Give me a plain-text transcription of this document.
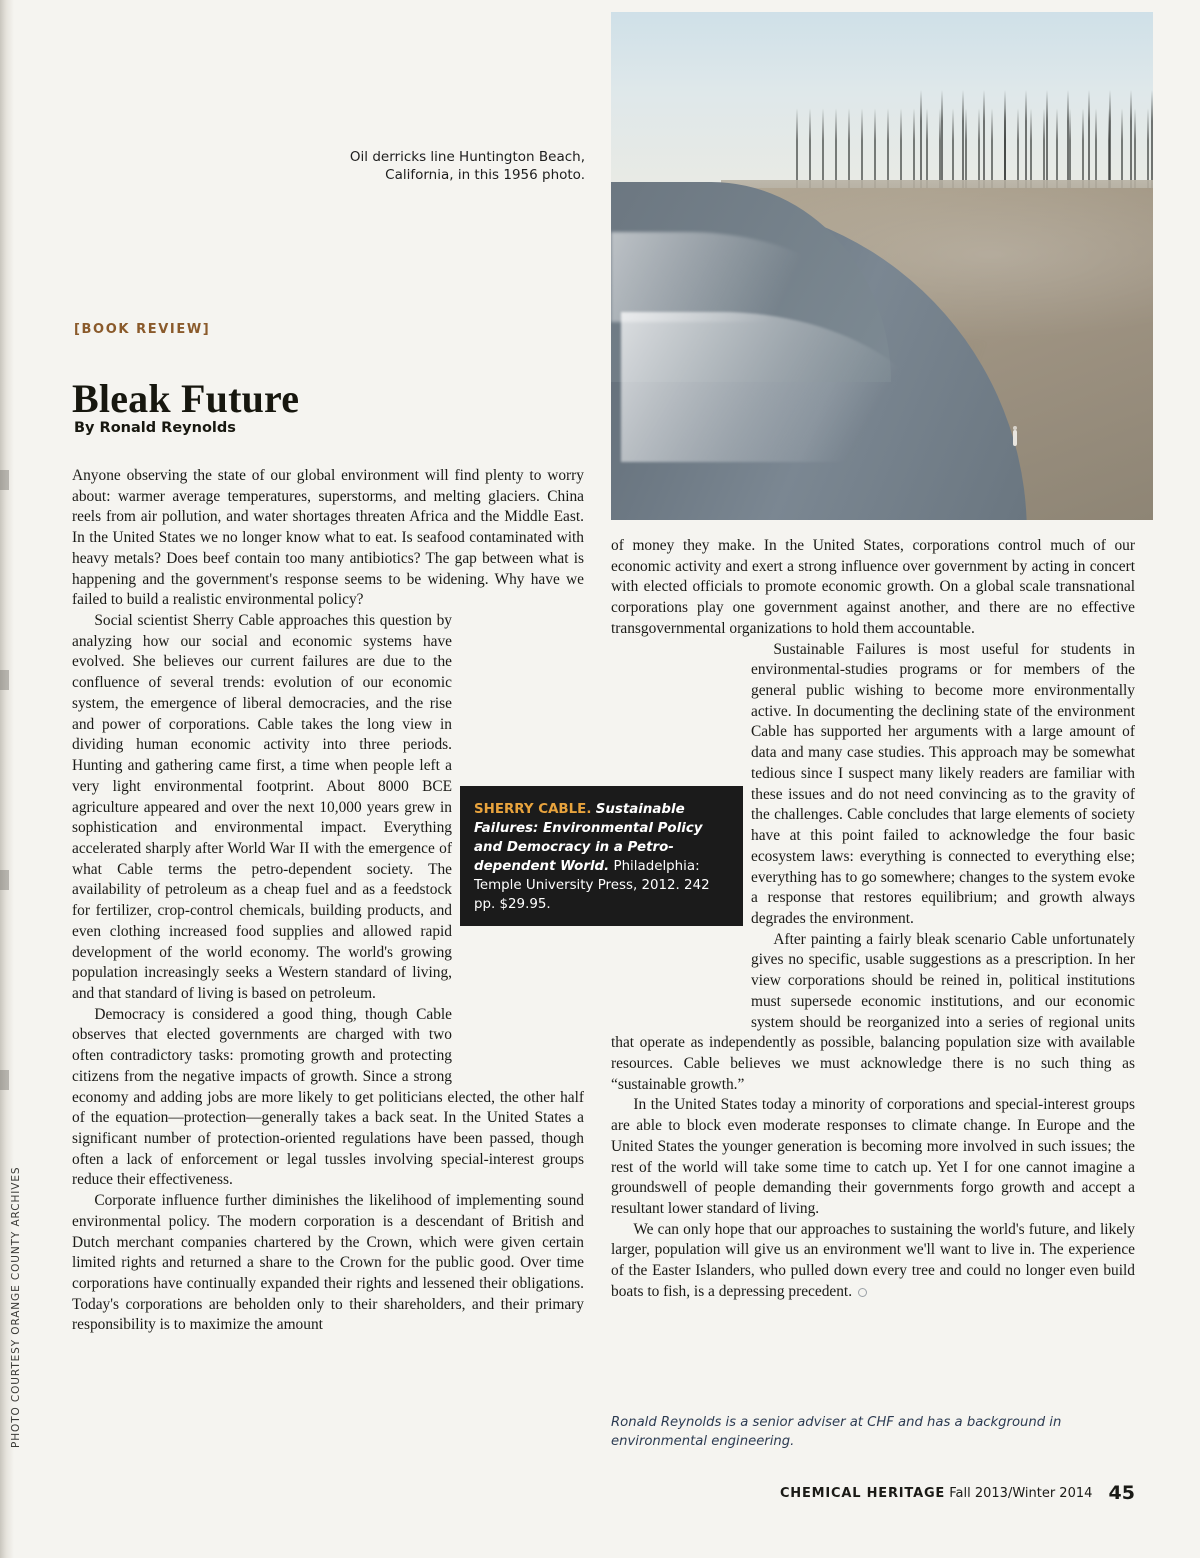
Oil derricks line Huntington Beach, California, in this 1956 photo.
[BOOK REVIEW]
Bleak Future
By Ronald Reynolds

Anyone observing the state of our global environment will find plenty to worry about: warmer average temperatures, superstorms, and melting glaciers. China reels from air pollution, and water shortages threaten Africa and the Middle East. In the United States we no longer know what to eat. Is seafood contaminated with heavy metals? Does beef contain too many antibiotics? The gap between what is happening and the government's response seems to be widening. Why have we failed to build a realistic environmental policy?

Social scientist Sherry Cable approaches this question by analyzing how our social and economic systems have evolved. She believes our current failures are due to the confluence of several trends: evolution of our economic system, the emergence of liberal democracies, and the rise and power of corporations. Cable takes the long view in dividing human economic activity into three periods. Hunting and gathering came first, a time when people left a very light environmental footprint. About 8000 BCE agriculture appeared and over the next 10,000 years grew in sophistication and environmental impact. Everything accelerated sharply after World War II with the emergence of what Cable terms the petro-dependent society. The availability of petroleum as a cheap fuel and as a feedstock for fertilizer, crop-control chemicals, building products, and even clothing increased food supplies and allowed rapid development of the world economy. The world's growing population increasingly seeks a Western standard of living, and that standard of living is based on petroleum.

Democracy is considered a good thing, though Cable observes that elected governments are charged with two often contradictory tasks: promoting growth and protecting citizens from the negative impacts of growth. Since a strong economy and adding jobs are more likely to get politicians elected, the other half of the equation—protection—generally takes a back seat. In the United States a significant number of protection-oriented regulations have been passed, though often a lack of enforcement or legal tussles involving special-interest groups reduce their effectiveness.

Corporate influence further diminishes the likelihood of implementing sound environmental policy. The modern corporation is a descendant of British and Dutch merchant companies chartered by the Crown, which were given certain limited rights and returned a share to the Crown for the public good. Over time corporations have continually expanded their rights and lessened their obligations. Today's corporations are beholden only to their shareholders, and their primary responsibility is to maximize the amount

of money they make. In the United States, corporations control much of our economic activity and exert a strong influence over government by acting in concert with elected officials to promote economic growth. On a global scale transnational corporations play one government against another, and there are no effective transgovernmental organizations to hold them accountable.

Sustainable Failures is most useful for students in environmental-studies programs or for members of the general public wishing to become more environmentally active. In documenting the declining state of the environment Cable has supported her arguments with a large amount of data and many case studies. This approach may be somewhat tedious since I suspect many likely readers are familiar with these issues and do not need convincing as to the gravity of the challenges. Cable concludes that large elements of society have at this point failed to acknowledge the four basic ecosystem laws: everything is connected to everything else; everything has to go somewhere; changes to the system evoke a response that restores equilibrium; and growth always degrades the environment.

After painting a fairly bleak scenario Cable unfortunately gives no specific, usable suggestions as a prescription. In her view corporations should be reined in, political institutions must supersede economic institutions, and our economic system should be reorganized into a series of regional units that operate as independently as possible, balancing population size with available resources. Cable believes we must acknowledge there is no such thing as “sustainable growth.”

In the United States today a minority of corporations and special-interest groups are able to block even moderate responses to climate change. In Europe and the United States the younger generation is becoming more involved in such issues; the rest of the world will take some time to catch up. Yet I for one cannot imagine a groundswell of people demanding their governments forgo growth and accept a resultant lower standard of living.

We can only hope that our approaches to sustaining the world's future, and likely larger, population will give us an environment we'll want to live in. The experience of the Easter Islanders, who pulled down every tree and could no longer even build boats to fish, is a depressing precedent.

SHERRY CABLE. Sustainable Failures: Environmental Policy and Democracy in a Petro-dependent World. Philadelphia: Temple University Press, 2012. 242 pp. $29.95.
PHOTO COURTESY ORANGE COUNTY ARCHIVES	Ronald Reynolds is a senior adviser at CHF and has a background in environmental engineering.
CHEMICAL HERITAGE Fall 2013/Winter 2014 45
